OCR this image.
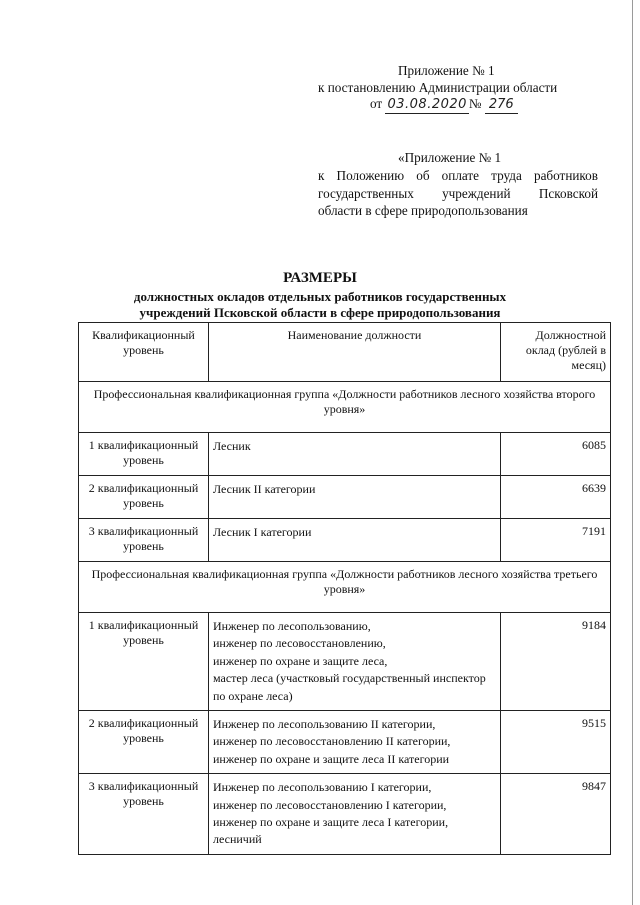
Приложение № 1
к постановлению Администрации области
от 03.08.2020 № 276
«Приложение № 1
к Положению об оплате труда работников
государственных учреждений Псковской
области в сфере природопользования
РАЗМЕРЫ
должностных окладов отдельных работников государственных
учреждений Псковской области в сфере природопользования
Квалификационный уровень	Наименование должности	Должностной оклад (рублей в месяц)
Профессиональная квалификационная группа «Должности работников лесного хозяйства второго уровня»		
1 квалификационный уровень	Лесник	6085
2 квалификационный уровень	Лесник II категории	6639
3 квалификационный уровень	Лесник I категории	7191
Профессиональная квалификационная группа «Должности работников лесного хозяйства третьего уровня»		
1 квалификационный уровень	Инженер по лесопользованию,
инженер по лесовосстановлению,
инженер по охране и защите леса,
мастер леса (участковый государственный инспектор по охране леса)	9184
2 квалификационный уровень	Инженер по лесопользованию II категории,
инженер по лесовосстановлению II категории,
инженер по охране и защите леса II категории	9515
3 квалификационный уровень	Инженер по лесопользованию I категории,
инженер по лесовосстановлению I категории,
инженер по охране и защите леса I категории,
лесничий	9847
